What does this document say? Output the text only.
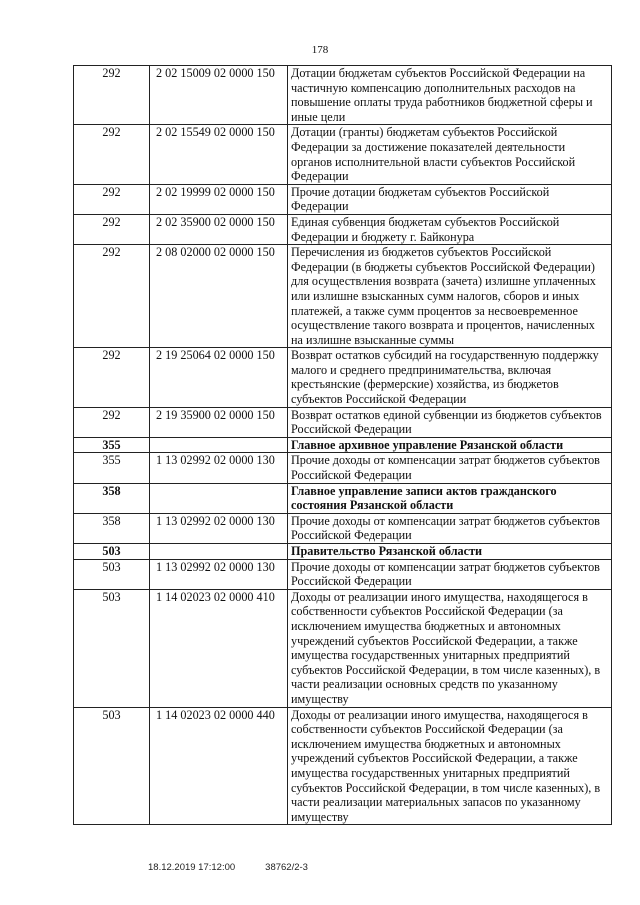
178
292	2 02 15009 02 0000 150	Дотации бюджетам субъектов Российской Федерации на частичную компенсацию дополнительных расходов на повышение оплаты труда работников бюджетной сферы и иные цели
292	2 02 15549 02 0000 150	Дотации (гранты) бюджетам субъектов Российской Федерации за достижение показателей деятельности органов исполнительной власти субъектов Российской Федерации
292	2 02 19999 02 0000 150	Прочие дотации бюджетам субъектов Российской Федерации
292	2 02 35900 02 0000 150	Единая субвенция бюджетам субъектов Российской Федерации и бюджету г. Байконура
292	2 08 02000 02 0000 150	Перечисления из бюджетов субъектов Российской Федерации (в бюджеты субъектов Российской Федерации) для осуществления возврата (зачета) излишне уплаченных или излишне взысканных сумм налогов, сборов и иных платежей, а также сумм процентов за несвоевременное осуществление такого возврата и процентов, начисленных на излишне взысканные суммы
292	2 19 25064 02 0000 150	Возврат остатков субсидий на государственную поддержку малого и среднего предпринимательства, включая крестьянские (фермерские) хозяйства, из бюджетов субъектов Российской Федерации
292	2 19 35900 02 0000 150	Возврат остатков единой субвенции из бюджетов субъектов Российской Федерации
355		Главное архивное управление Рязанской области
355	1 13 02992 02 0000 130	Прочие доходы от компенсации затрат бюджетов субъектов Российской Федерации
358		Главное управление записи актов гражданского состояния Рязанской области
358	1 13 02992 02 0000 130	Прочие доходы от компенсации затрат бюджетов субъектов Российской Федерации
503		Правительство Рязанской области
503	1 13 02992 02 0000 130	Прочие доходы от компенсации затрат бюджетов субъектов Российской Федерации
503	1 14 02023 02 0000 410	Доходы от реализации иного имущества, находящегося в собственности субъектов Российской Федерации (за исключением имущества бюджетных и автономных учреждений субъектов Российской Федерации, а также имущества государственных унитарных предприятий субъектов Российской Федерации, в том числе казенных), в части реализации основных средств по указанному имуществу
503	1 14 02023 02 0000 440	Доходы от реализации иного имущества, находящегося в собственности субъектов Российской Федерации (за исключением имущества бюджетных и автономных учреждений субъектов Российской Федерации, а также имущества государственных унитарных предприятий субъектов Российской Федерации, в том числе казенных), в части реализации материальных запасов по указанному имуществу
18.12.2019 17:12:00	38762/2-3
